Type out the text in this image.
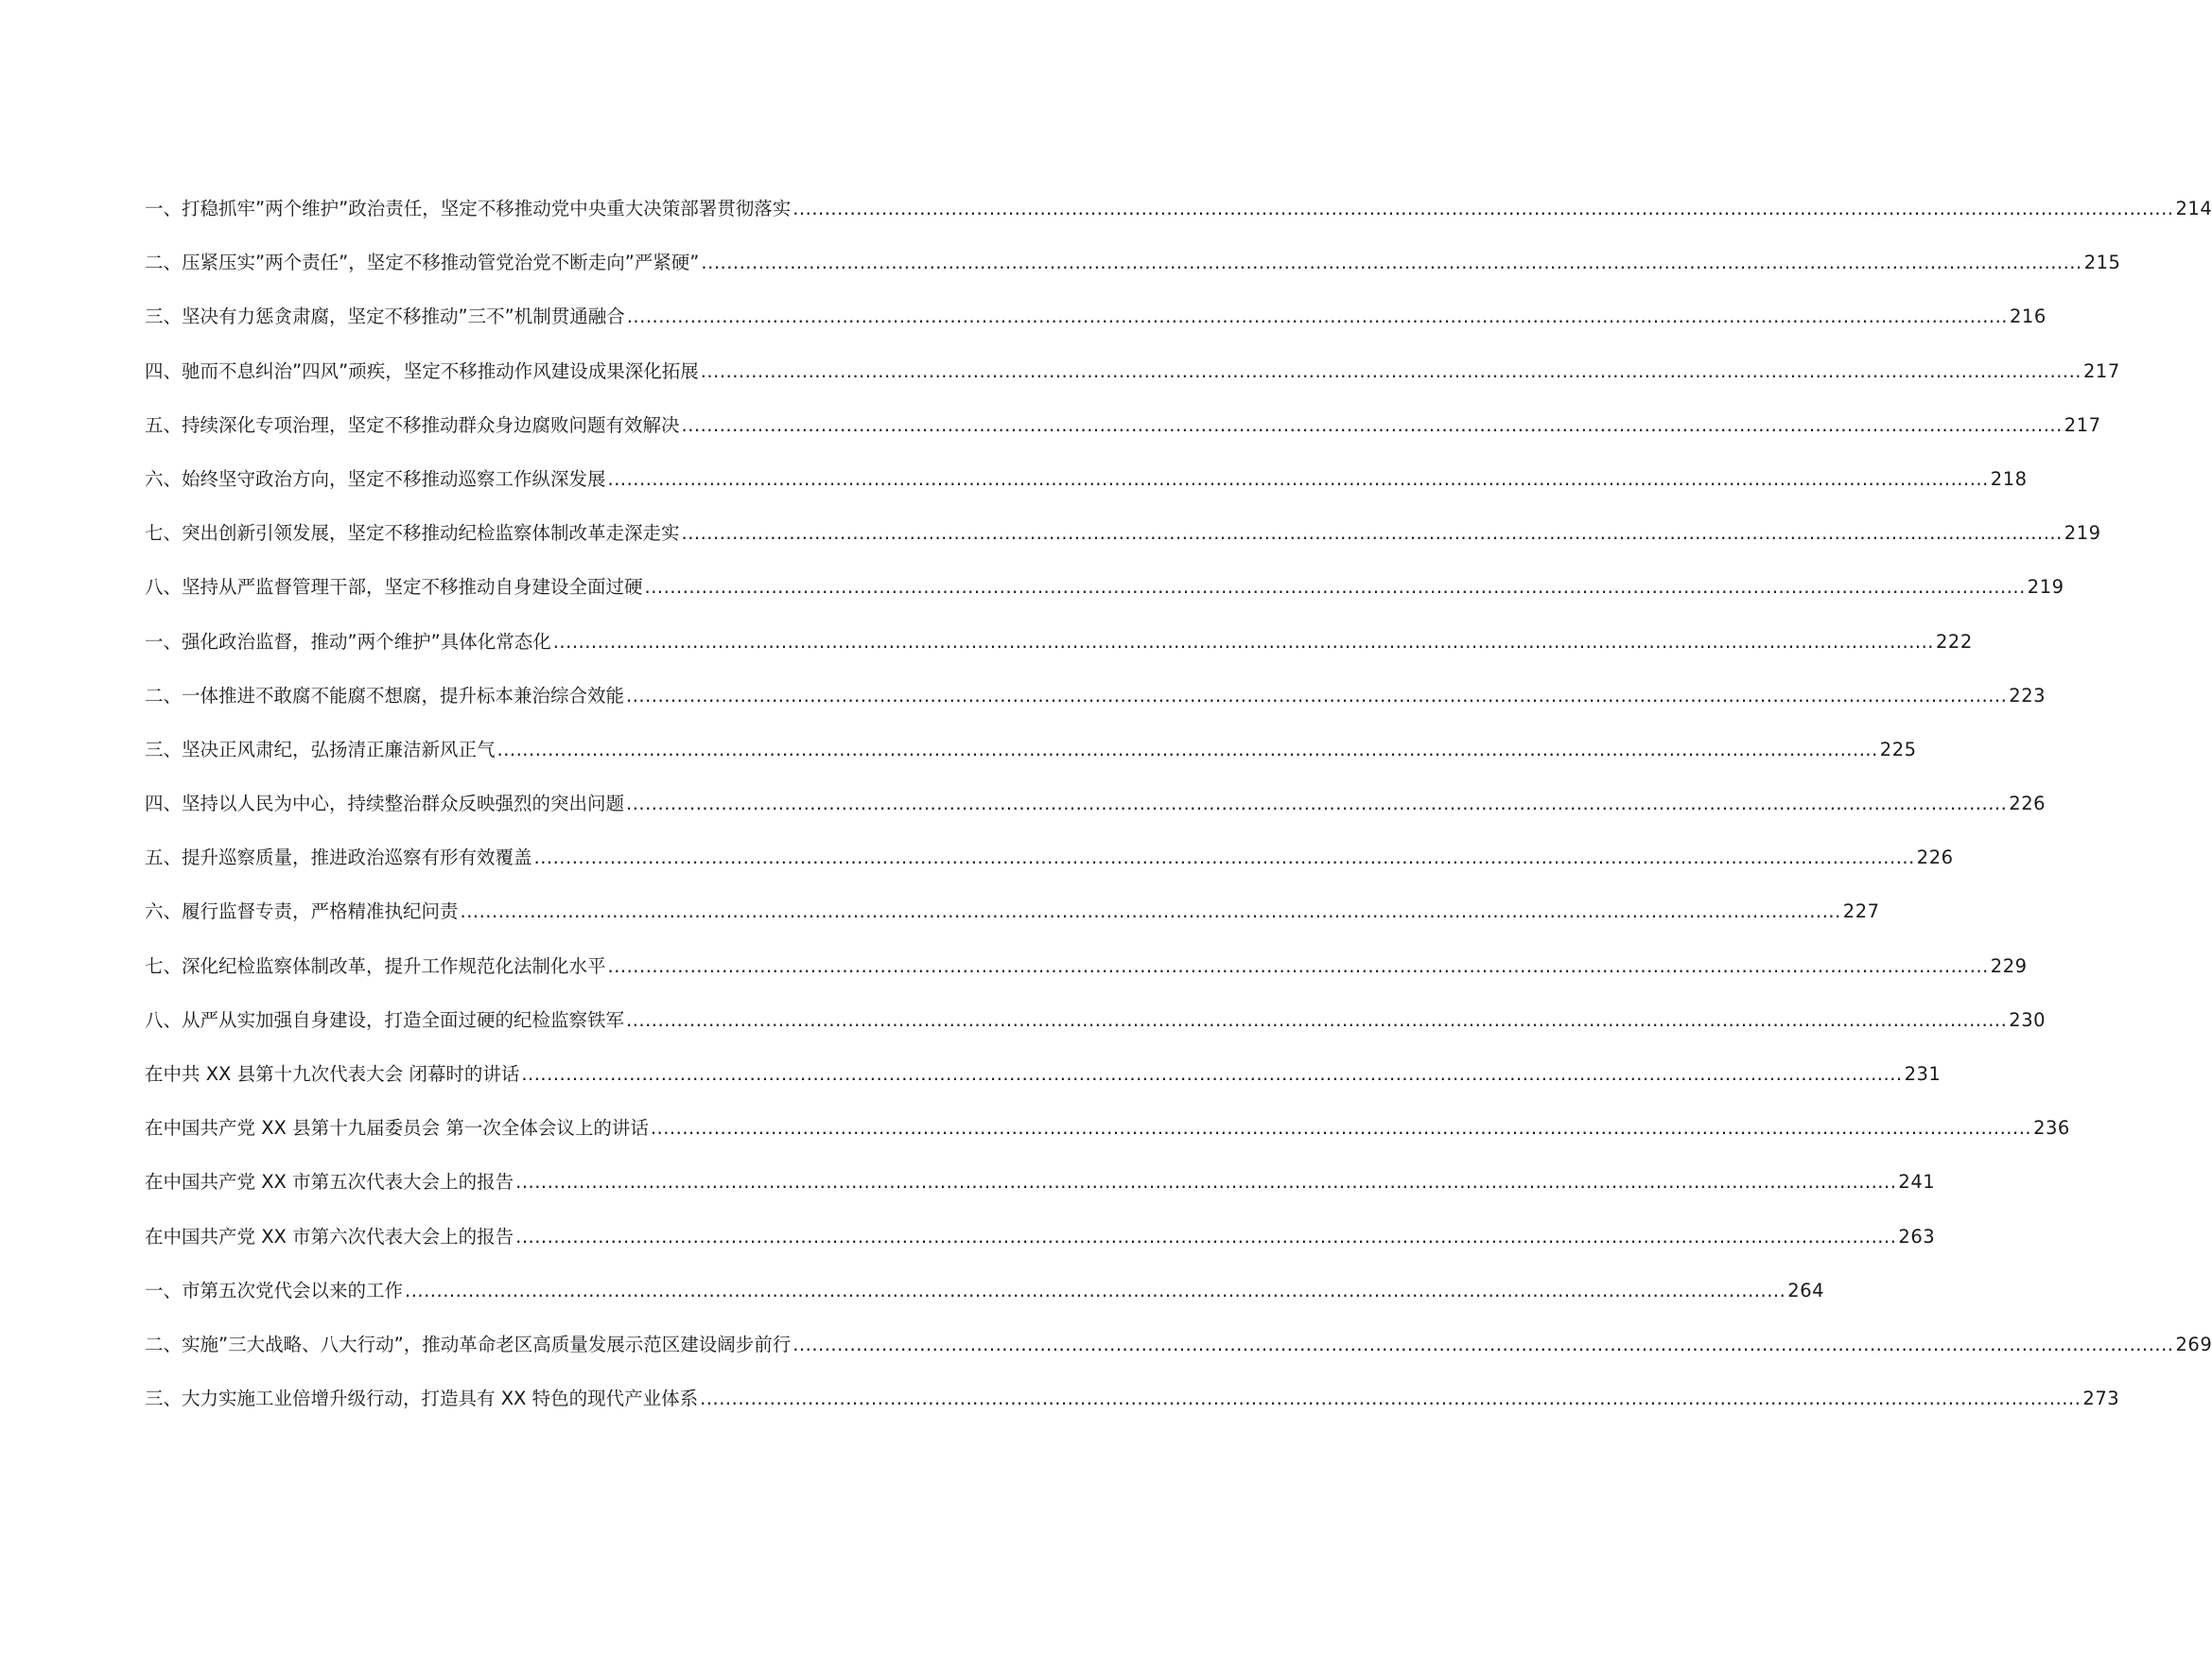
一、打稳抓牢”两个维护”政治责任，坚定不移推动党中央重大决策部署贯彻落实 .......................................................................................................................................................................................................................... 214
二、压紧压实”两个责任”，坚定不移推动管党治党不断走向”严紧硬” .......................................................................................................................................................................................................................... 215
三、坚决有力惩贪肃腐，坚定不移推动”三不”机制贯通融合 .......................................................................................................................................................................................................................... 216
四、驰而不息纠治”四风”顽疾，坚定不移推动作风建设成果深化拓展 .......................................................................................................................................................................................................................... 217
五、持续深化专项治理，坚定不移推动群众身边腐败问题有效解决 .......................................................................................................................................................................................................................... 217
六、始终坚守政治方向，坚定不移推动巡察工作纵深发展 .......................................................................................................................................................................................................................... 218
七、突出创新引领发展，坚定不移推动纪检监察体制改革走深走实 .......................................................................................................................................................................................................................... 219
八、坚持从严监督管理干部，坚定不移推动自身建设全面过硬 .......................................................................................................................................................................................................................... 219
一、强化政治监督，推动”两个维护”具体化常态化 .......................................................................................................................................................................................................................... 222
二、一体推进不敢腐不能腐不想腐，提升标本兼治综合效能 .......................................................................................................................................................................................................................... 223
三、坚决正风肃纪，弘扬清正廉洁新风正气 .......................................................................................................................................................................................................................... 225
四、坚持以人民为中心，持续整治群众反映强烈的突出问题 .......................................................................................................................................................................................................................... 226
五、提升巡察质量，推进政治巡察有形有效覆盖 .......................................................................................................................................................................................................................... 226
六、履行监督专责，严格精准执纪问责 .......................................................................................................................................................................................................................... 227
七、深化纪检监察体制改革，提升工作规范化法制化水平 .......................................................................................................................................................................................................................... 229
八、从严从实加强自身建设，打造全面过硬的纪检监察铁军 .......................................................................................................................................................................................................................... 230
在中共 XX 县第十九次代表大会 闭幕时的讲话 .......................................................................................................................................................................................................................... 231
在中国共产党 XX 县第十九届委员会 第一次全体会议上的讲话 .......................................................................................................................................................................................................................... 236
在中国共产党 XX 市第五次代表大会上的报告 .......................................................................................................................................................................................................................... 241
在中国共产党 XX 市第六次代表大会上的报告 .......................................................................................................................................................................................................................... 263
一、市第五次党代会以来的工作 .......................................................................................................................................................................................................................... 264
二、实施”三大战略、八大行动”，推动革命老区高质量发展示范区建设阔步前行 .......................................................................................................................................................................................................................... 269
三、大力实施工业倍增升级行动，打造具有 XX 特色的现代产业体系 .......................................................................................................................................................................................................................... 273
